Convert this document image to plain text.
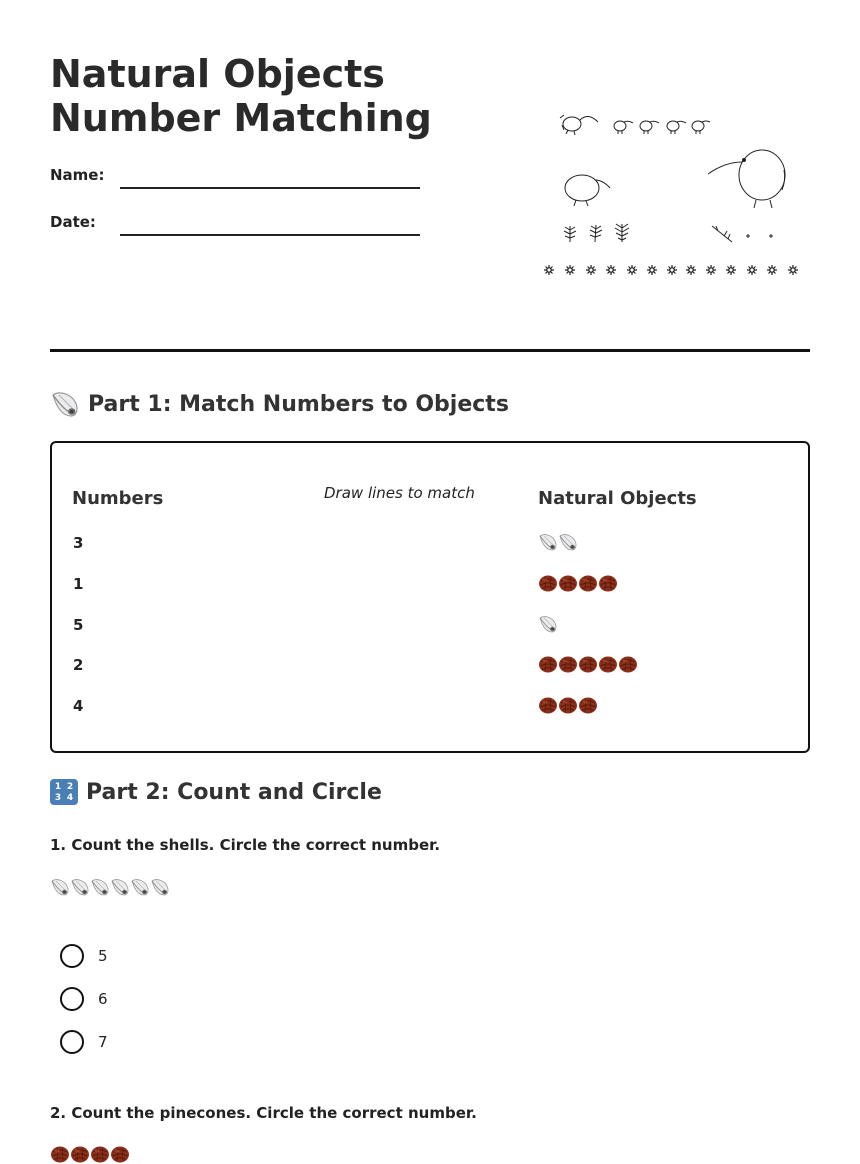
Natural Objects Number Matching
Name:
Date:
Part 1: Match Numbers to Objects
Numbers	Draw lines to match	Natural Objects
3
1
5
2
4
1 2
3 4 Part 2: Count and Circle
1. Count the shells. Circle the correct number.
5
6
7
2. Count the pinecones. Circle the correct number.
